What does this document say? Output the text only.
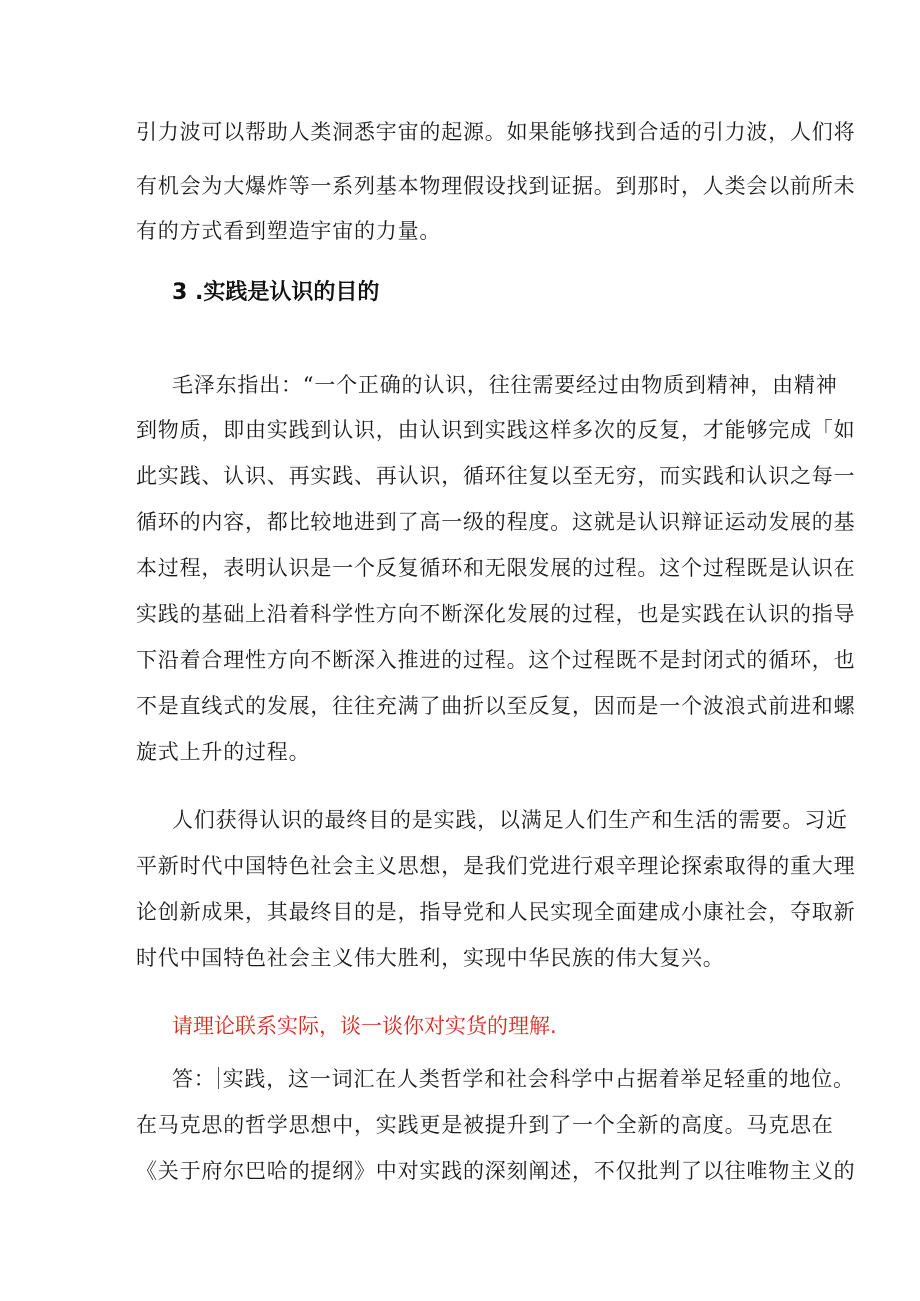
引力波可以帮助人类洞悉宇宙的起源。如果能够找到合适的引力波，人们将
有机会为大爆炸等一系列基本物理假设找到证据。到那时，人类会以前所未
有的方式看到塑造宇宙的力量。
3 .实践是认识的目的
毛泽东指出：“一个正确的认识，往往需要经过由物质到精神，由精神
到物质，即由实践到认识，由认识到实践这样多次的反复，才能够完成「如
此实践、认识、再实践、再认识，循环往复以至无穷，而实践和认识之每一
循环的内容，都比较地进到了高一级的程度。这就是认识辩证运动发展的基
本过程，表明认识是一个反复循环和无限发展的过程。这个过程既是认识在
实践的基础上沿着科学性方向不断深化发展的过程，也是实践在认识的指导
下沿着合理性方向不断深入推进的过程。这个过程既不是封闭式的循环，也
不是直线式的发展，往往充满了曲折以至反复，因而是一个波浪式前进和螺
旋式上升的过程。
人们获得认识的最终目的是实践，以满足人们生产和生活的需要。习近
平新时代中国特色社会主义思想，是我们党进行艰辛理论探索取得的重大理
论创新成果，其最终目的是，指导党和人民实现全面建成小康社会，夺取新
时代中国特色社会主义伟大胜利，实现中华民族的伟大复兴。
请理论联系实际，谈一谈你对实货的理解.
答： 实践，这一词汇在人类哲学和社会科学中占据着举足轻重的地位。
在马克思的哲学思想中，实践更是被提升到了一个全新的高度。马克思在
《关于府尔巴哈的提纲》中对实践的深刻阐述，不仅批判了以往唯物主义的
